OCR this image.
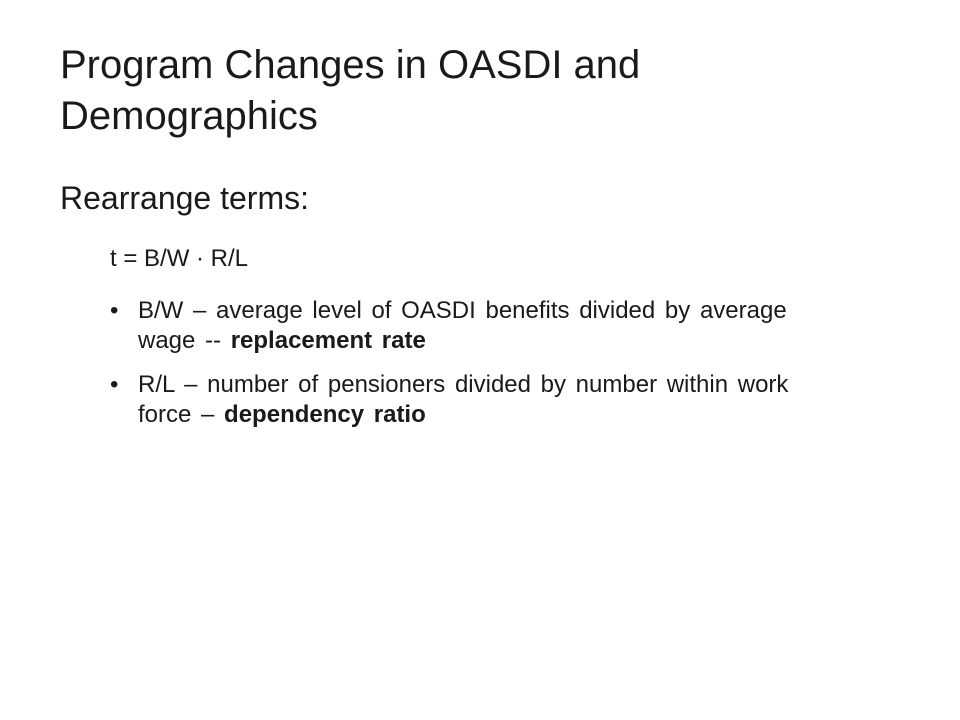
Program Changes in OASDI and Demographics

Rearrange terms:

t = B/W · R/L

• B/W – average level of OASDI benefits divided by average wage -- replacement rate
• R/L – number of pensioners divided by number within work force – dependency ratio
